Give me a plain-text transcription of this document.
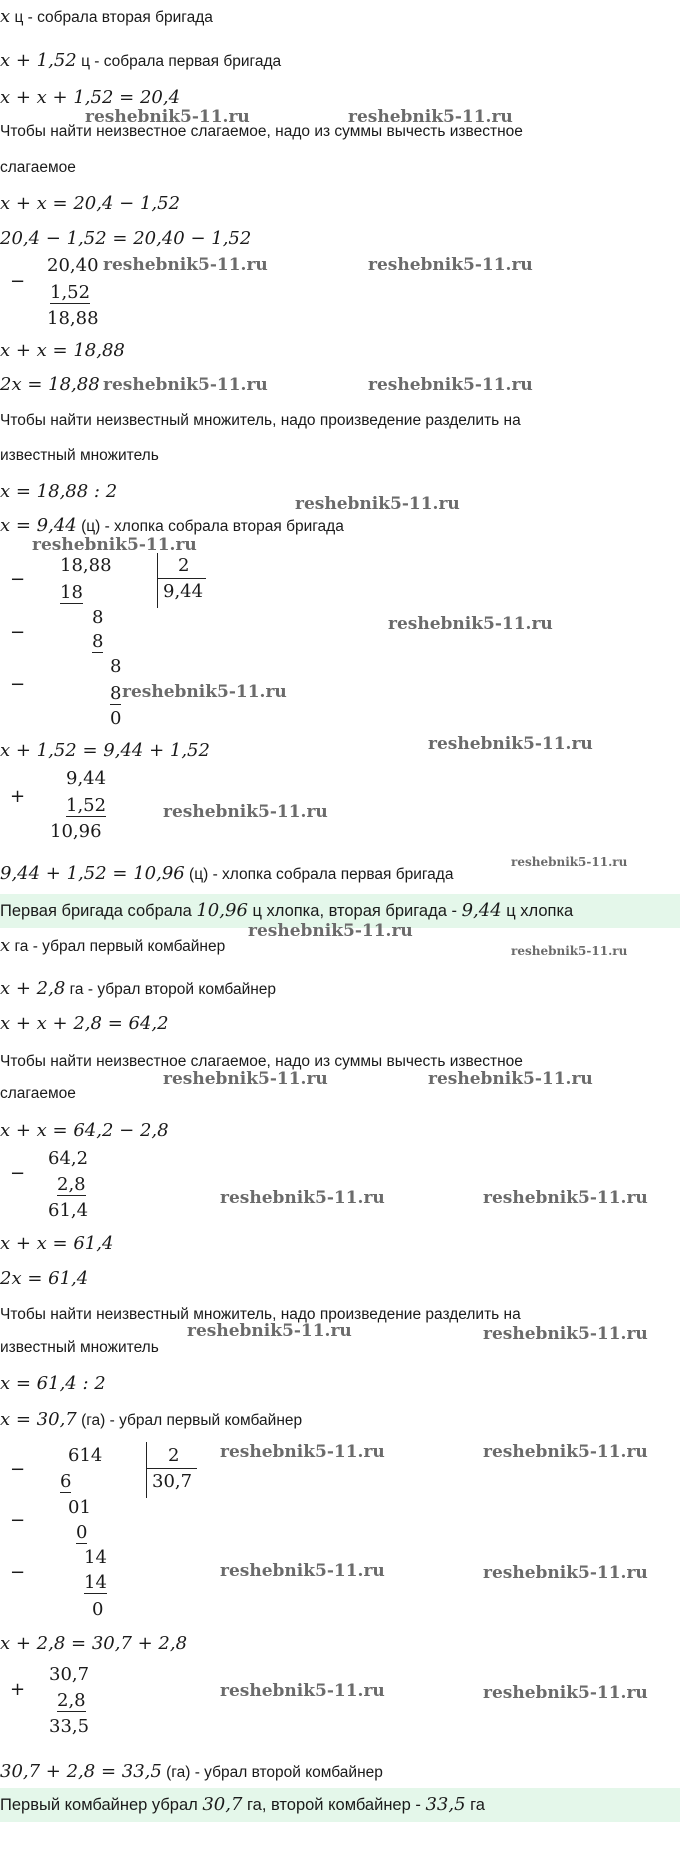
x ц - собрала вторая бригада
x + 1,52 ц - собрала первая бригада
x + x + 1,52 = 20,4
Чтобы найти неизвестное слагаемое, надо из суммы вычесть известное
слагаемое
x + x = 20,4 − 1,52
20,4 − 1,52 = 20,40 − 1,52
−
20,40
1,52
18,88
x + x = 18,88
2x = 18,88
Чтобы найти неизвестный множитель, надо произведение разделить на
известный множитель
x = 18,88 : 2
x = 9,44 (ц) - хлопка собрала вторая бригада
−
18,88
18
2
9,44
−
8
8
−
8
8
0
x + 1,52 = 9,44 + 1,52
+
9,44
1,52
10,96
9,44 + 1,52 = 10,96 (ц) - хлопка собрала первая бригада
Первая бригада собрала 10,96 ц хлопка, вторая бригада - 9,44 ц хлопка
x га - убрал первый комбайнер
x + 2,8 га - убрал второй комбайнер
x + x + 2,8 = 64,2
Чтобы найти неизвестное слагаемое, надо из суммы вычесть известное
слагаемое
x + x = 64,2 − 2,8
−
64,2
2,8
61,4
x + x = 61,4
2x = 61,4
Чтобы найти неизвестный множитель, надо произведение разделить на
известный множитель
x = 61,4 : 2
x = 30,7 (га) - убрал первый комбайнер
−
614
6
2
30,7
−
01
0
−
14
14
0
x + 2,8 = 30,7 + 2,8
+
30,7
2,8
33,5
30,7 + 2,8 = 33,5 (га) - убрал второй комбайнер
Первый комбайнер убрал 30,7 га, второй комбайнер - 33,5 га
reshebnik5-11.ru	reshebnik5-11.ru
reshebnik5-11.ru	reshebnik5-11.ru
reshebnik5-11.ru	reshebnik5-11.ru
reshebnik5-11.ru
reshebnik5-11.ru
reshebnik5-11.ru
reshebnik5-11.ru
reshebnik5-11.ru
reshebnik5-11.ru
reshebnik5-11.ru
reshebnik5-11.ru
reshebnik5-11.ru
reshebnik5-11.ru	reshebnik5-11.ru
reshebnik5-11.ru	reshebnik5-11.ru
reshebnik5-11.ru	reshebnik5-11.ru
reshebnik5-11.ru	reshebnik5-11.ru
reshebnik5-11.ru	reshebnik5-11.ru
reshebnik5-11.ru	reshebnik5-11.ru
